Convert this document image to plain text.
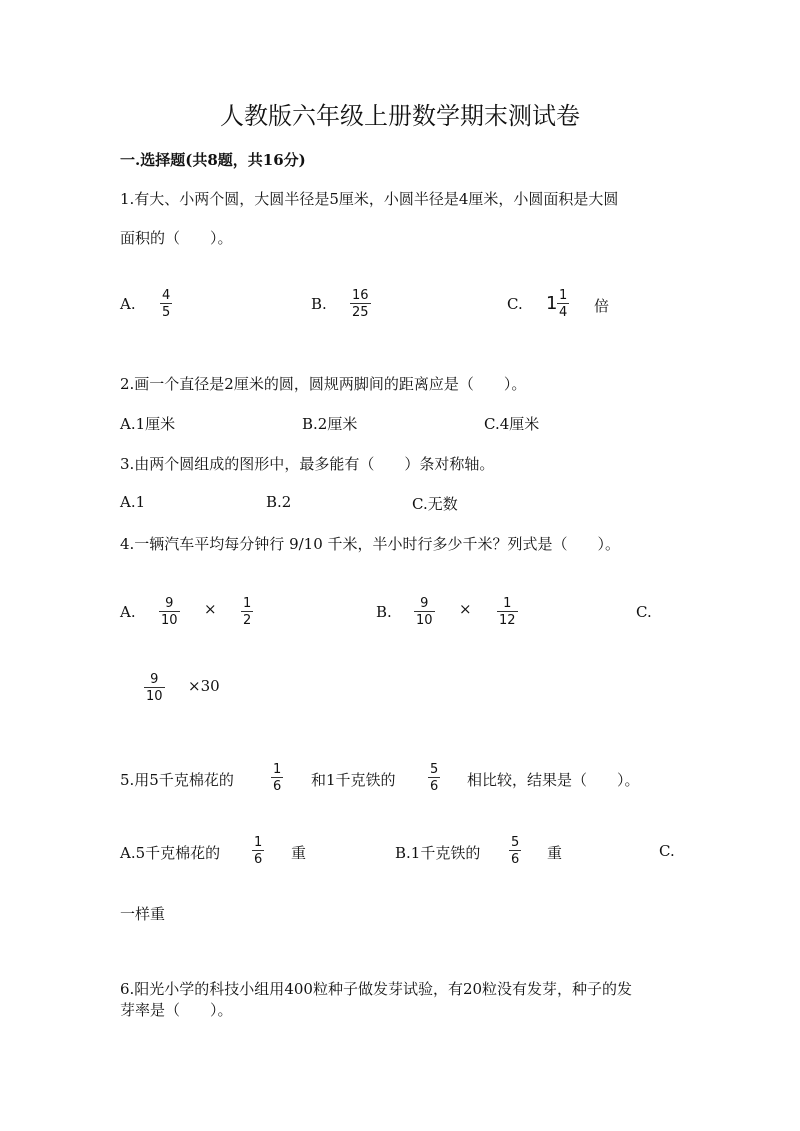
人教版六年级上册数学期末测试卷
一.选择题(共8题，共16分)
1.有大、小两个圆，大圆半径是5厘米，小圆半径是4厘米，小圆面积是大圆
面积的（　　）。
A. 4
5	B. 16
25	C. 1 1
4 倍
2.画一个直径是2厘米的圆，圆规两脚间的距离应是（　　）。
A.1厘米	B.2厘米	C.4厘米
3.由两个圆组成的图形中，最多能有（　　）条对称轴。
A.1	B.2	C.无数
4.一辆汽车平均每分钟行 9/10 千米，半小时行多少千米？列式是（　　）。
A. 9
10
× 1
2	B. 9
10
× 1
12	C.
9
10
×30
5.用5千克棉花的
1
6 和1千克铁的
5
6 相比较，结果是（　　）。
A.5千克棉花的
1
6 重	B.1千克铁的
5
6 重	C.
一样重
6.阳光小学的科技小组用400粒种子做发芽试验，有20粒没有发芽，种子的发
芽率是（　　）。
